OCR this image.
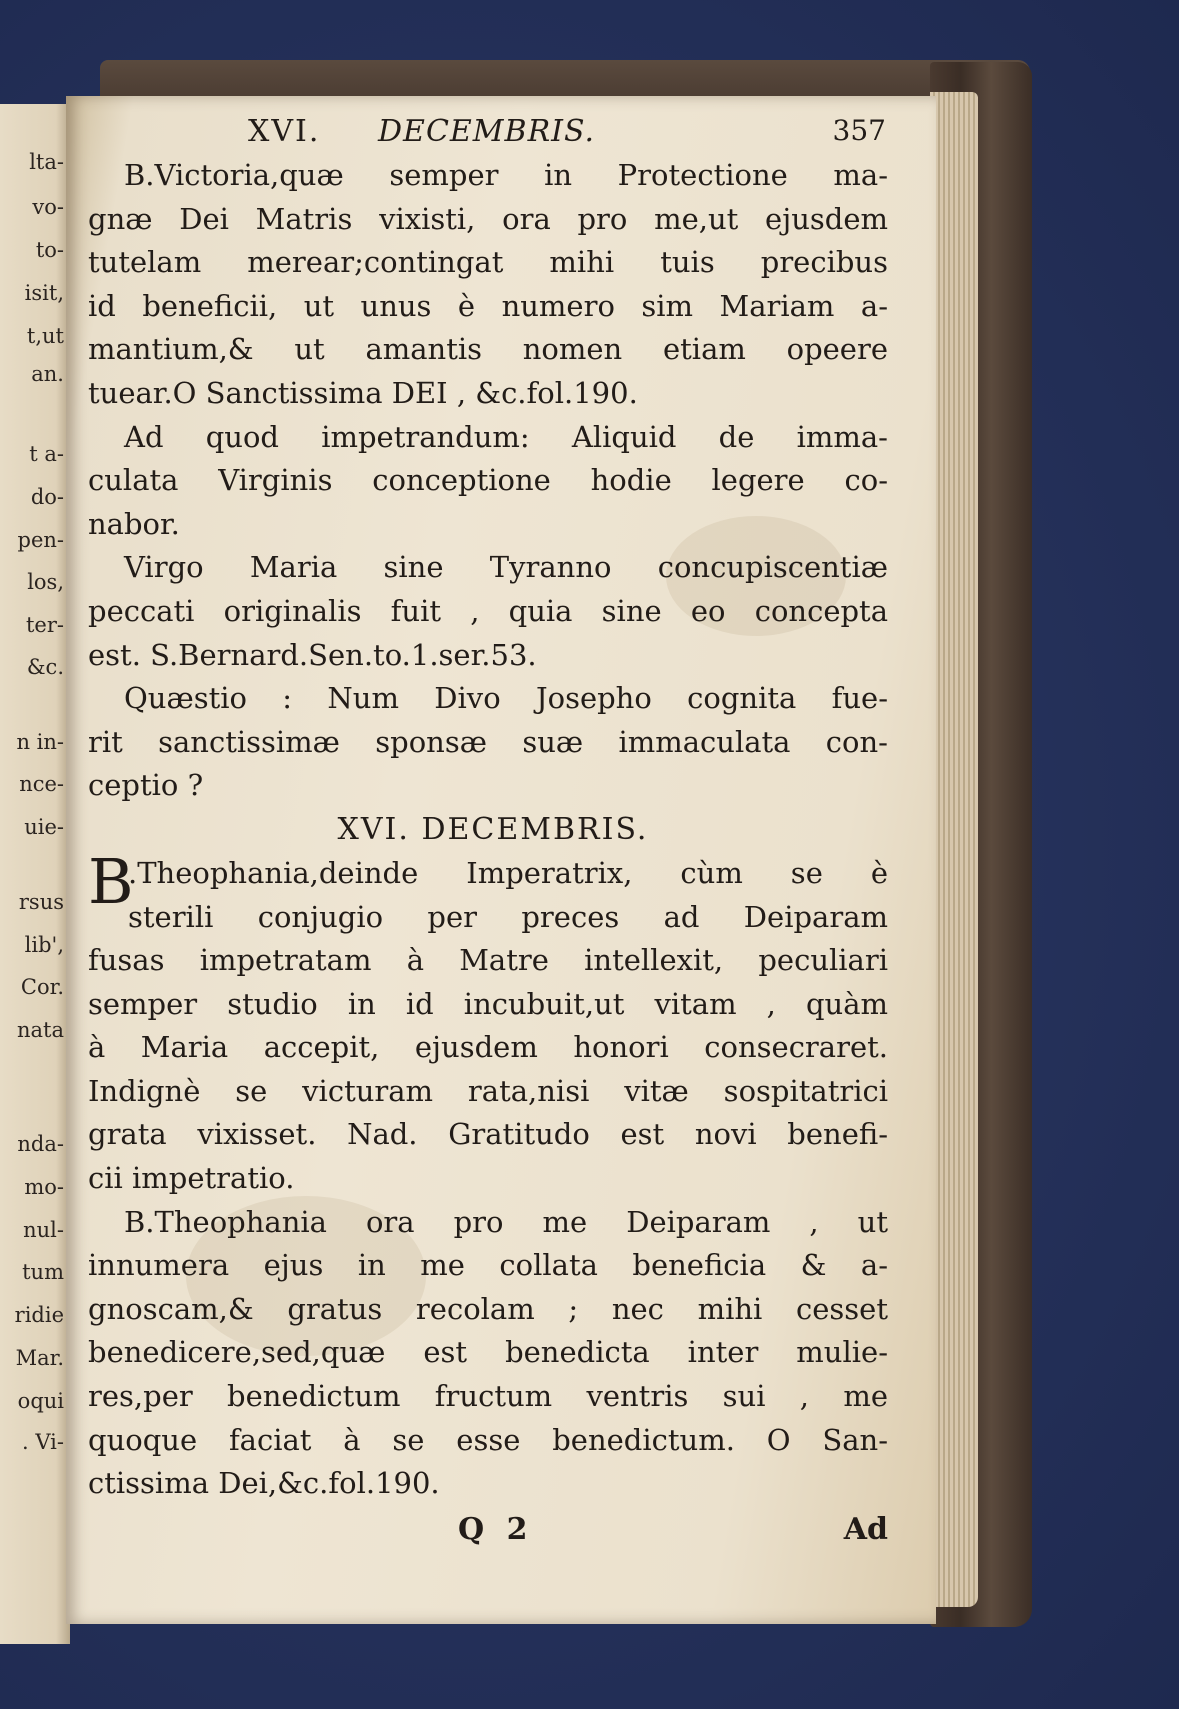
lta-
vo-
to-
isit,
t,ut
an.
t a-
do-
pen-
los,
ter-
&c.
n in-
nce-
uie-
rsus
lib',
Cor.
nata
nda-
mo-
nul-
tum
ridie
Mar.
oqui
. Vi-
XVI. DECEMBRIS.	357
B.Victoria,quæ semper in Protectione ma-
gnæ Dei Matris vixisti, ora pro me,ut ejusdem
tutelam merear;contingat mihi tuis precibus
id beneficii, ut unus è numero sim Mariam a-
mantium,& ut amantis nomen etiam opeere
tuear.O Sanctissima DEI , &c.fol.190.
Ad quod impetrandum: Aliquid de imma-
culata Virginis conceptione hodie legere co-
nabor.
Virgo Maria sine Tyranno concupiscentiæ
peccati originalis fuit , quia sine eo concepta
est. S.Bernard.Sen.to.1.ser.53.
Quæstio : Num Divo Josepho cognita fue-
rit sanctissimæ sponsæ suæ immaculata con-
ceptio ?
XVI. DECEMBRIS.
B
.Theophania,deinde Imperatrix, cùm se è
sterili conjugio per preces ad Deiparam
fusas impetratam à Matre intellexit, peculiari
semper studio in id incubuit,ut vitam , quàm
à Maria accepit, ejusdem honori consecraret.
Indignè se victuram rata,nisi vitæ sospitatrici
grata vixisset. Nad. Gratitudo est novi benefi-
cii impetratio.
B.Theophania ora pro me Deiparam , ut
innumera ejus in me collata beneficia & a-
gnoscam,& gratus recolam ; nec mihi cesset
benedicere,sed,quæ est benedicta inter mulie-
res,per benedictum fructum ventris sui , me
quoque faciat à se esse benedictum. O San-
ctissima Dei,&c.fol.190.
Q 2	Ad
